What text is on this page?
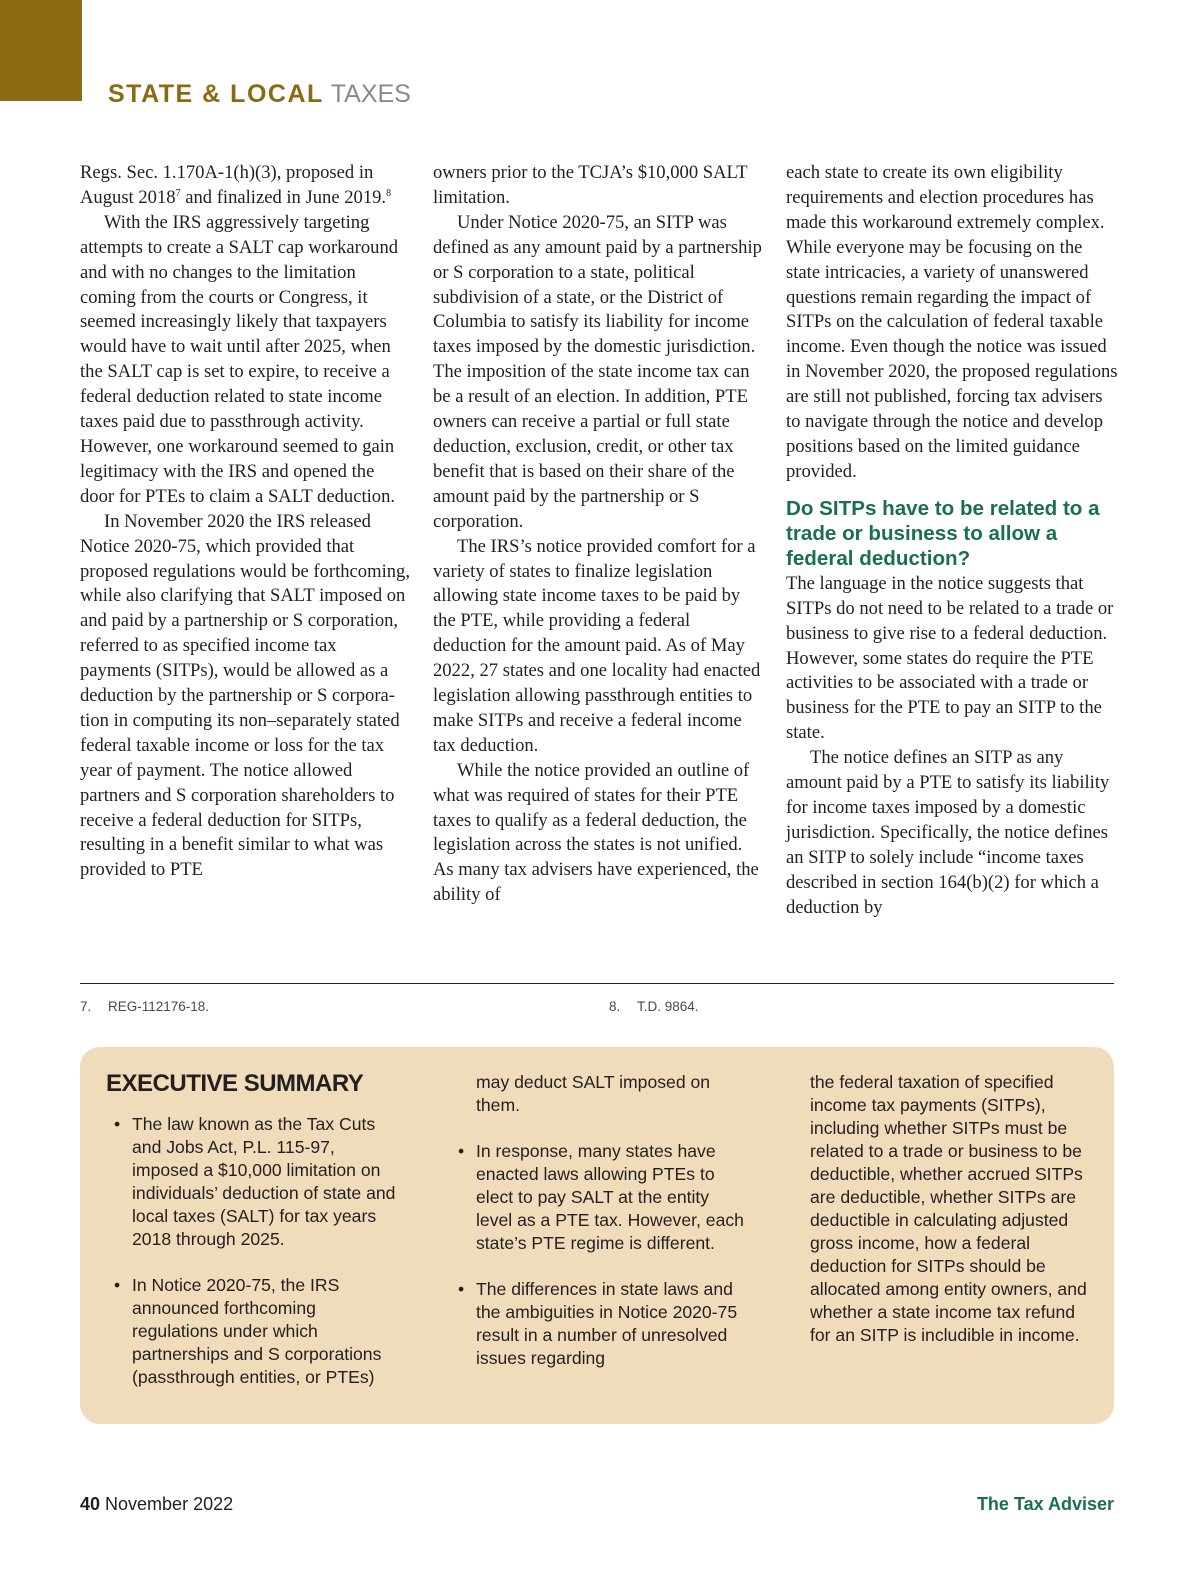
STATE & LOCAL TAXES

Regs. Sec. 1.170A-1(h)(3), proposed in August 2018$^7$ and finalized in June 2019.$^8$

With the IRS aggressively targeting attempts to create a SALT cap workaround and with no changes to the limitation coming from the courts or Congress, it seemed increasingly likely that taxpayers would have to wait until after 2025, when the SALT cap is set to expire, to receive a federal deduction related to state income taxes paid due to passthrough activity. However, one workaround seemed to gain legitimacy with the IRS and opened the door for PTEs to claim a SALT deduction.

In November 2020 the IRS released Notice 2020-75, which provided that proposed regulations would be forthcoming, while also clarifying that SALT imposed on and paid by a partnership or S corporation, referred to as specified income tax payments (SITPs), would be allowed as a deduction by the partnership or S corporation in computing its non–separately stated federal taxable income or loss for the tax year of payment. The notice allowed partners and S corporation shareholders to receive a federal deduction for SITPs, resulting in a benefit similar to what was provided to PTE

owners prior to the TCJA’s $10,000 SALT limitation.

Under Notice 2020-75, an SITP was defined as any amount paid by a partnership or S corporation to a state, political subdivision of a state, or the District of Columbia to satisfy its liability for income taxes imposed by the domestic jurisdiction. The imposition of the state income tax can be a result of an election. In addition, PTE owners can receive a partial or full state deduction, exclusion, credit, or other tax benefit that is based on their share of the amount paid by the partnership or S corporation.

The IRS’s notice provided comfort for a variety of states to finalize legislation allowing state income taxes to be paid by the PTE, while providing a federal deduction for the amount paid. As of May 2022, 27 states and one locality had enacted legislation allowing passthrough entities to make SITPs and receive a federal income tax deduction.

While the notice provided an outline of what was required of states for their PTE taxes to qualify as a federal deduction, the legislation across the states is not unified. As many tax advisers have experienced, the ability of

each state to create its own eligibility requirements and election procedures has made this workaround extremely complex. While everyone may be focusing on the state intricacies, a variety of unanswered questions remain regarding the impact of SITPs on the calculation of federal taxable income. Even though the notice was issued in November 2020, the proposed regulations are still not published, forcing tax advisers to navigate through the notice and develop positions based on the limited guidance provided.

Do SITPs have to be related to a trade or business to allow a federal deduction?

The language in the notice suggests that SITPs do not need to be related to a trade or business to give rise to a federal deduction. However, some states do require the PTE activities to be associated with a trade or business for the PTE to pay an SITP to the state.

The notice defines an SITP as any amount paid by a PTE to satisfy its liability for income taxes imposed by a domestic jurisdiction. Specifically, the notice defines an SITP to solely include “income taxes described in section 164(b)(2) for which a deduction by

7. REG-112176-18.	8. T.D. 9864.

EXECUTIVE SUMMARY
• The law known as the Tax Cuts and Jobs Act, P.L. 115-97, imposed a $10,000 limitation on individuals’ deduction of state and local taxes (SALT) for tax years 2018 through 2025.
• In Notice 2020-75, the IRS announced forthcoming regulations under which partnerships and S corporations (passthrough entities, or PTEs)
may deduct SALT imposed on them.
• In response, many states have enacted laws allowing PTEs to elect to pay SALT at the entity level as a PTE tax. However, each state’s PTE regime is different.
• The differences in state laws and the ambiguities in Notice 2020-75 result in a number of unresolved issues regarding
the federal taxation of specified income tax payments (SITPs), including whether SITPs must be related to a trade or business to be deductible, whether accrued SITPs are deductible, whether SITPs are deductible in calculating adjusted gross income, how a federal deduction for SITPs should be allocated among entity owners, and whether a state income tax refund for an SITP is includible in income.
40 November 2022	The Tax Adviser
